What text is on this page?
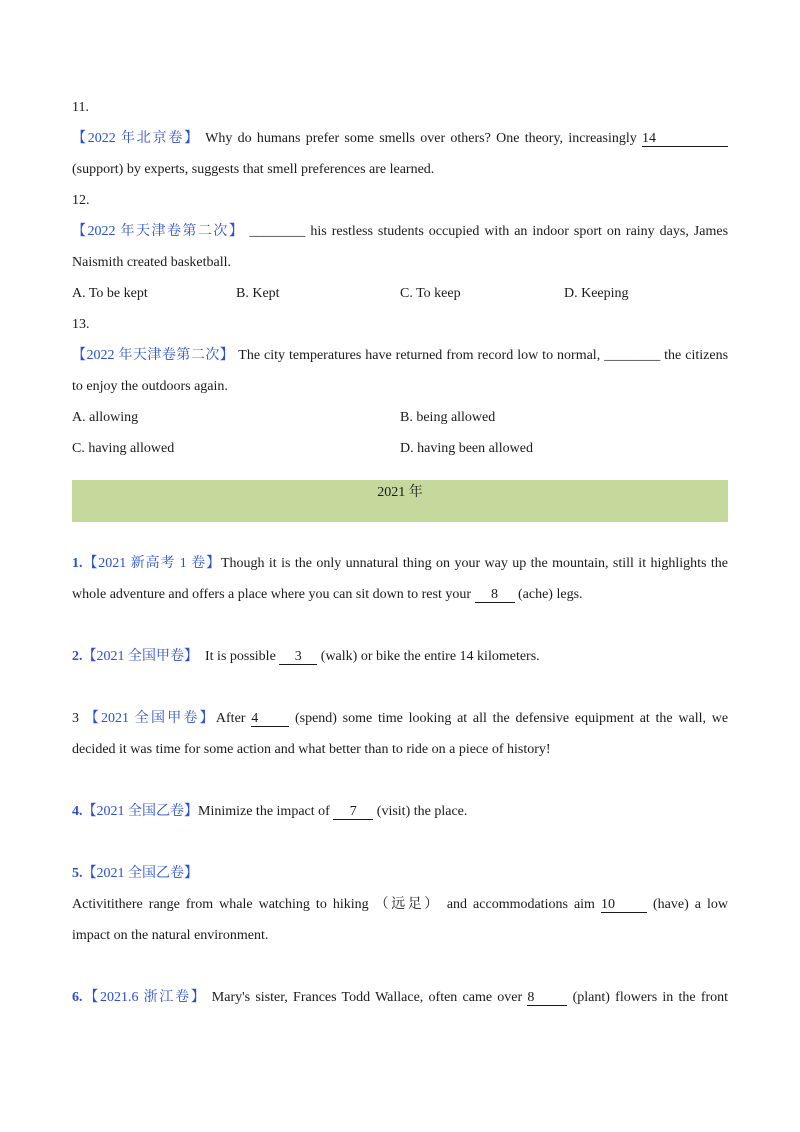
11.
【2022 年北京卷】 Why do humans prefer some smells over others? One theory, increasingly 14
(support) by experts, suggests that smell preferences are learned.
12.
【2022 年天津卷第二次】 ________ his restless students occupied with an indoor sport on rainy days, James
Naismith created basketball.
A. To be kept	B. Kept	C. To keep	D. Keeping
13.
【2022 年天津卷第二次】 The city temperatures have returned from record low to normal, ________ the citizens
to enjoy the outdoors again.
A. allowing	B. being allowed
C. having allowed	D. having been allowed
2021 年
1.【2021 新高考 1 卷】Though it is the only unnatural thing on your way up the mountain, still it highlights the
whole adventure and offers a place where you can sit down to rest your 8 (ache) legs.
2.【2021 全国甲卷】 It is possible 3 (walk) or bike the entire 14 kilometers.
3 【2021 全国甲卷】After 4	(spend) some time looking at all the defensive equipment at the wall, we
decided it was time for some action and what better than to ride on a piece of history!
4.【2021 全国乙卷】Minimize the impact of 7 (visit) the place.
5.【2021 全国乙卷】
Activitithere range from whale watching to hiking （远足） and accommodations aim 10	(have) a low
impact on the natural environment.
6.【2021.6 浙江卷】 Mary's sister, Frances Todd Wallace, often came over 8	(plant) flowers in the front
